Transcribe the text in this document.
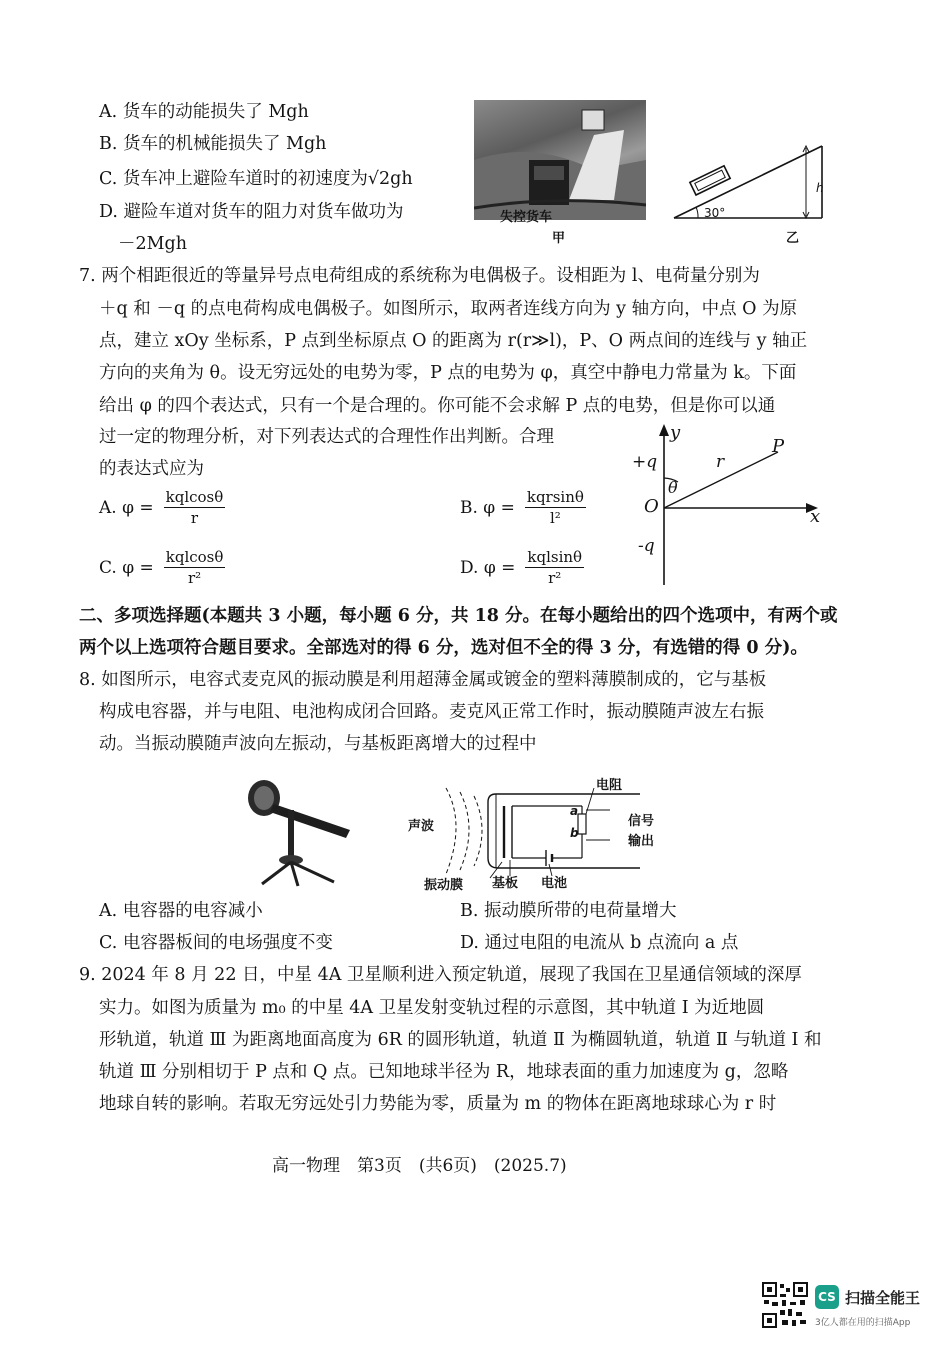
A. 货车的动能损失了 Mgh
B. 货车的机械能损失了 Mgh
C. 货车冲上避险车道时的初速度为√2gh
D. 避险车道对货车的阻力对货车做功为
－2Mgh
失控货车
甲
30°
h
乙
7. 两个相距很近的等量异号点电荷组成的系统称为电偶极子。设相距为 l、电荷量分别为
＋q 和 －q 的点电荷构成电偶极子。如图所示，取两者连线方向为 y 轴方向，中点 O 为原
点，建立 xOy 坐标系，P 点到坐标原点 O 的距离为 r(r≫l)，P、O 两点间的连线与 y 轴正
方向的夹角为 θ。设无穷远处的电势为零，P 点的电势为 φ，真空中静电力常量为 k。下面
给出 φ 的四个表达式，只有一个是合理的。你可能不会求解 P 点的电势，但是你可以通
过一定的物理分析，对下列表达式的合理性作出判断。合理
的表达式应为
A. $\varphi = \frac{\text{kqlcosθ}}{r}$	B. $\varphi = \frac{\text{kqrsinθ}}{\text{l²}}$
C. $\varphi = \frac{\text{kqlcosθ}}{\text{r²}}$	D. $\varphi = \frac{\text{kqlsinθ}}{\text{r²}}$
y
x
O
P
r
θ
+q
-q
二、多项选择题(本题共 3 小题，每小题 6 分，共 18 分。在每小题给出的四个选项中，有两个或
两个以上选项符合题目要求。全部选对的得 6 分，选对但不全的得 3 分，有选错的得 0 分)。
8. 如图所示，电容式麦克风的振动膜是利用超薄金属或镀金的塑料薄膜制成的，它与基板
构成电容器，并与电阻、电池构成闭合回路。麦克风正常工作时，振动膜随声波左右振
动。当振动膜随声波向左振动，与基板距离增大的过程中
电阻
声波	信号
输出
振动膜 基板 电池
a
b
A. 电容器的电容减小	B. 振动膜所带的电荷量增大
C. 电容器板间的电场强度不变	D. 通过电阻的电流从 b 点流向 a 点
9. 2024 年 8 月 22 日，中星 4A 卫星顺利进入预定轨道，展现了我国在卫星通信领域的深厚
实力。如图为质量为 m₀ 的中星 4A 卫星发射变轨过程的示意图，其中轨道 Ⅰ 为近地圆
形轨道，轨道 Ⅲ 为距离地面高度为 6R 的圆形轨道，轨道 Ⅱ 为椭圆轨道，轨道 Ⅱ 与轨道 Ⅰ 和
轨道 Ⅲ 分别相切于 P 点和 Q 点。已知地球半径为 R，地球表面的重力加速度为 g，忽略
地球自转的影响。若取无穷远处引力势能为零，质量为 m 的物体在距离地球球心为 r 时
高一物理　第3页　(共6页)　(2025.7)
CS 扫描全能王
3亿人都在用的扫描App
